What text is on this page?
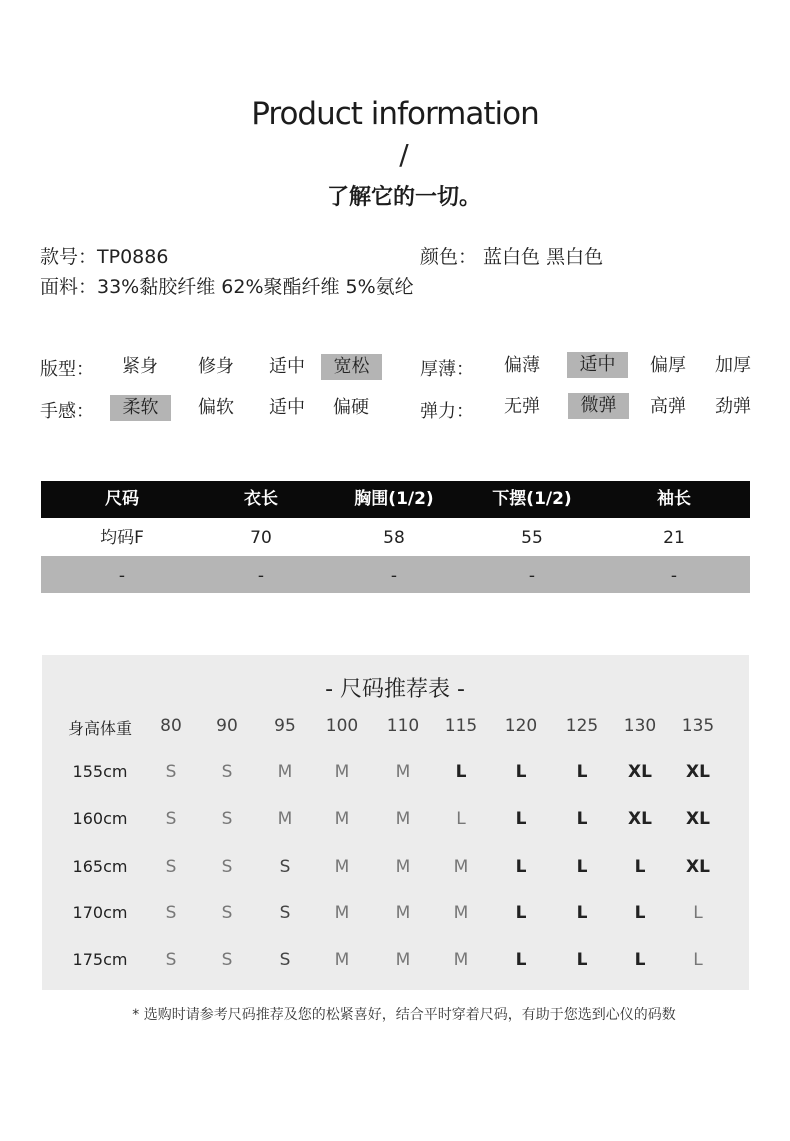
Product information
/
了解它的一切。
款号：TP0886	颜色： 蓝白色 黑白色
面料：33%黏胶纤维 62%聚酯纤维 5%氨纶
版型：	紧身	修身	适中	宽松	厚薄：	偏薄	适中	偏厚	加厚
手感：	柔软	偏软	适中	偏硬	弹力：	无弹	微弹	高弹	劲弹
尺码	衣长	胸围(1/2)	下摆(1/2)	袖长
均码F	70	58	55	21
-	-	-	-	-
- 尺码推荐表 -
身高体重	80	90	95	100	110	115	120	125	130	135
155cm	S	S	M	M	M	L	L	L	XL	XL
160cm	S	S	M	M	M	L	L	L	XL	XL
165cm	S	S	S	M	M	M	L	L	L	XL
170cm	S	S	S	M	M	M	L	L	L	L
175cm	S	S	S	M	M	M	L	L	L	L
* 选购时请参考尺码推荐及您的松紧喜好，结合平时穿着尺码，有助于您选到心仪的码数
